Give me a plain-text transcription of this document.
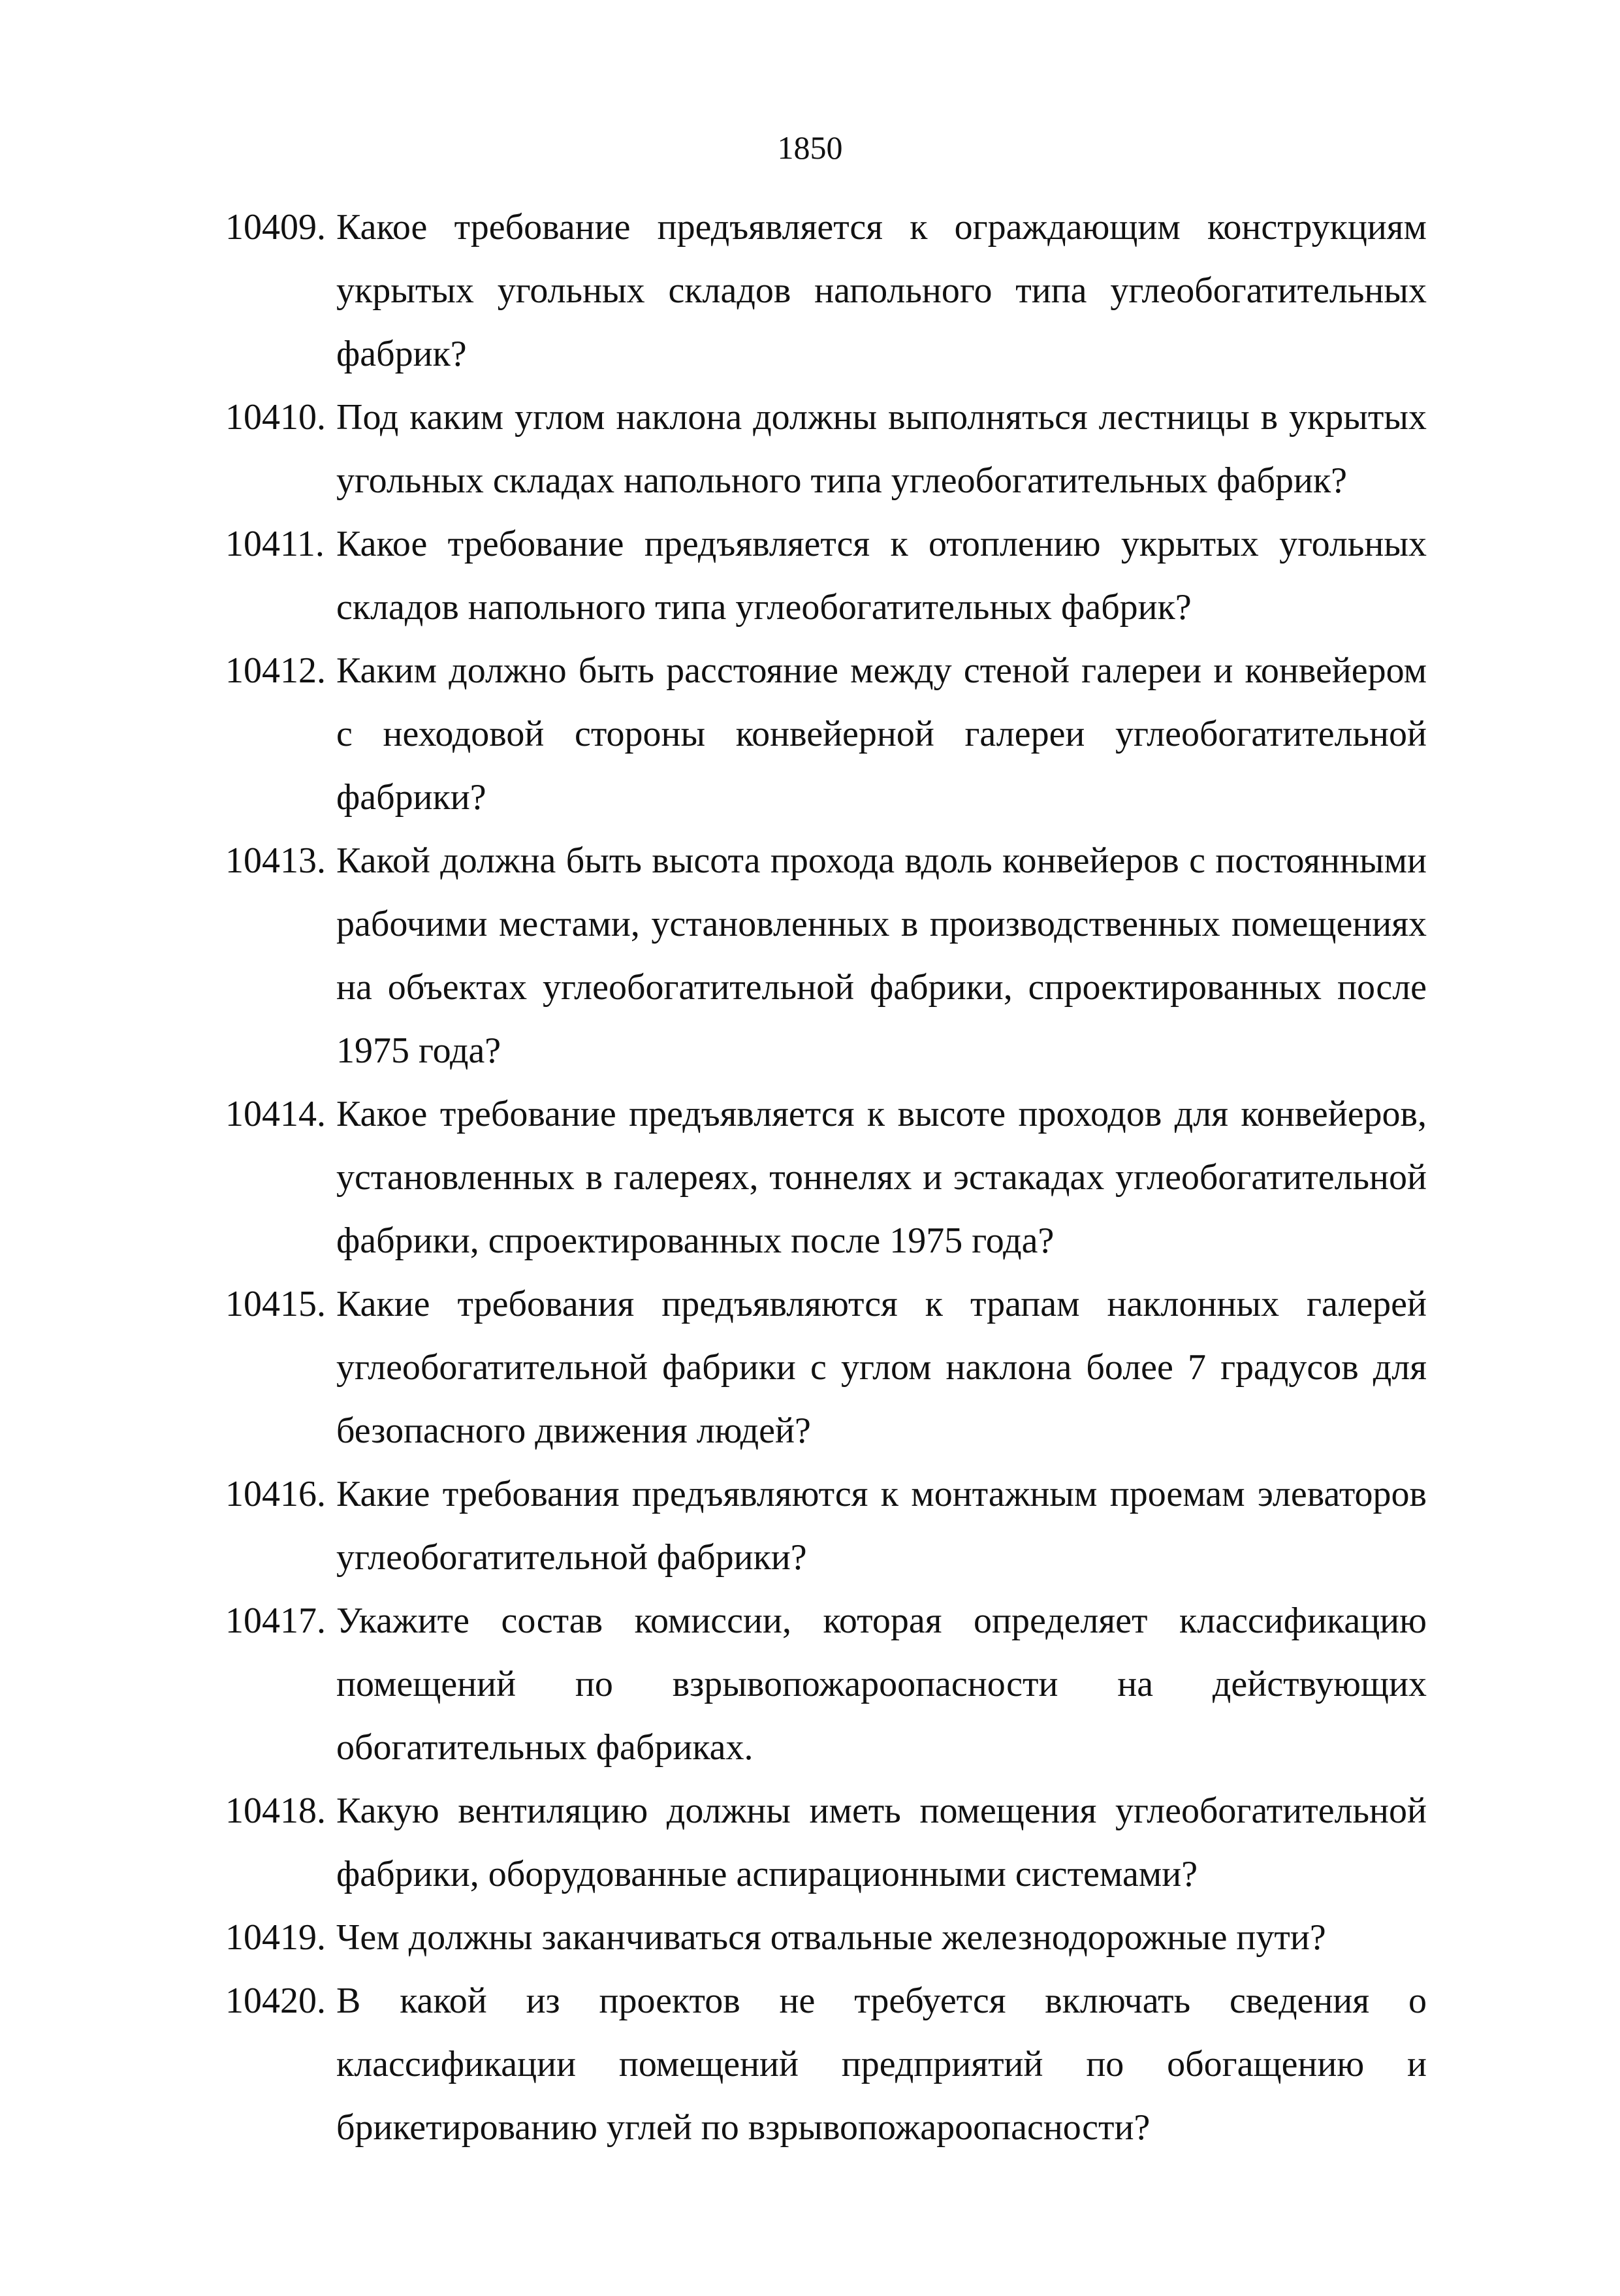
1850
10409. Какое требование предъявляется к ограждающим конструкциям укрытых угольных складов напольного типа углеобогатительных фабрик?
10410. Под каким углом наклона должны выполняться лестницы в укрытых угольных складах напольного типа углеобогатительных фабрик?
10411. Какое требование предъявляется к отоплению укрытых угольных складов напольного типа углеобогатительных фабрик?
10412. Каким должно быть расстояние между стеной галереи и конвейером с неходовой стороны конвейерной галереи углеобогатительной фабрики?
10413. Какой должна быть высота прохода вдоль конвейеров с постоянными рабочими местами, установленных в производственных помещениях на объектах углеобогатительной фабрики, спроектированных после 1975 года?
10414. Какое требование предъявляется к высоте проходов для конвейеров, установленных в галереях, тоннелях и эстакадах углеобогатительной фабрики, спроектированных после 1975 года?
10415. Какие требования предъявляются к трапам наклонных галерей углеобогатительной фабрики с углом наклона более 7 градусов для безопасного движения людей?
10416. Какие требования предъявляются к монтажным проемам элеваторов углеобогатительной фабрики?
10417. Укажите состав комиссии, которая определяет классификацию помещений по взрывопожароопасности на действующих обогатительных фабриках.
10418. Какую вентиляцию должны иметь помещения углеобогатительной фабрики, оборудованные аспирационными системами?
10419. Чем должны заканчиваться отвальные железнодорожные пути?
10420. В какой из проектов не требуется включать сведения о классификации помещений предприятий по обогащению и брикетированию углей по взрывопожароопасности?
